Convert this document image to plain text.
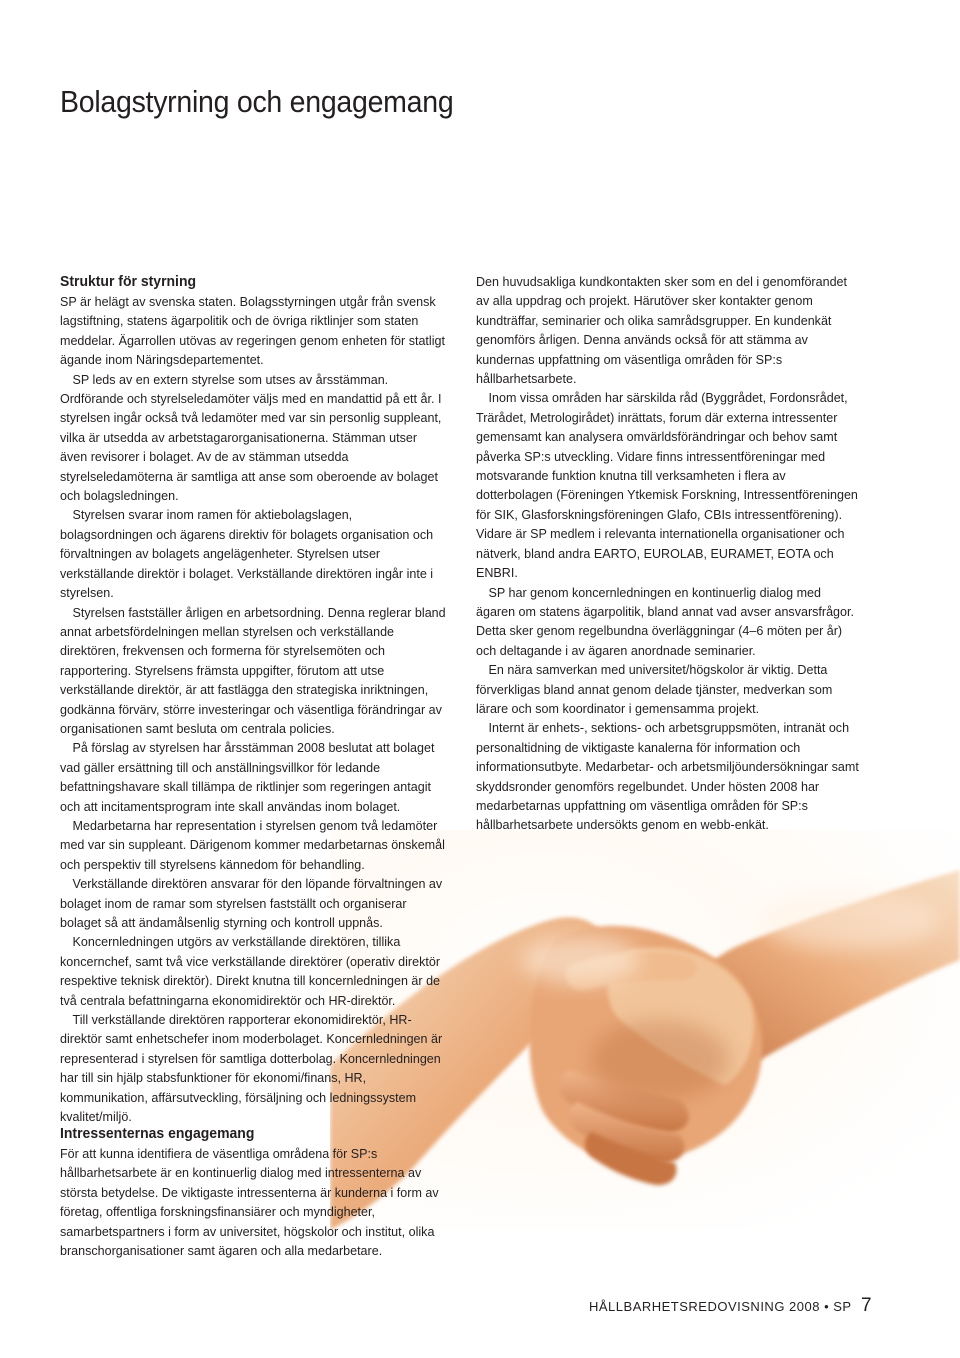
Bolagstyrning och engagemang
Struktur för styrning

SP är helägt av svenska staten. Bolagsstyrningen utgår från svensk lagstiftning, statens ägarpolitik och de övriga riktlinjer som staten meddelar. Ägarrollen utövas av regeringen genom enheten för statligt ägande inom Näringsdepartementet.

SP leds av en extern styrelse som utses av årsstämman. Ordförande och styrelseledamöter väljs med en mandattid på ett år. I styrelsen ingår också två ledamöter med var sin personlig suppleant, vilka är utsedda av arbetstagarorganisationerna. Stämman utser även revisorer i bolaget. Av de av stämman utsedda styrelseledamöterna är samtliga att anse som oberoende av bolaget och bolagsledningen.

Styrelsen svarar inom ramen för aktiebolagslagen, bolagsordningen och ägarens direktiv för bolagets organisation och förvaltningen av bolagets angelägenheter. Styrelsen utser verkställande direktör i bolaget. Verkställande direktören ingår inte i styrelsen.

Styrelsen fastställer årligen en arbetsordning. Denna reglerar bland annat arbetsfördelningen mellan styrelsen och verkställande direktören, frekvensen och formerna för styrelsemöten och rapportering. Styrelsens främsta uppgifter, förutom att utse verkställande direktör, är att fastlägga den strategiska inriktningen, godkänna förvärv, större investeringar och väsentliga förändringar av organisationen samt besluta om centrala policies.

På förslag av styrelsen har årsstämman 2008 beslutat att bolaget vad gäller ersättning till och anställningsvillkor för ledande befattningshavare skall tillämpa de riktlinjer som regeringen antagit och att incitamentsprogram inte skall användas inom bolaget.

Medarbetarna har representation i styrelsen genom två ledamöter med var sin suppleant. Därigenom kommer medarbetarnas önskemål och perspektiv till styrelsens kännedom för behandling.

Verkställande direktören ansvarar för den löpande förvaltningen av bolaget inom de ramar som styrelsen fastställt och organiserar bolaget så att ändamålsenlig styrning och kontroll uppnås.

Koncernledningen utgörs av verkställande direktören, tillika koncernchef, samt två vice verkställande direktörer (operativ direktör respektive teknisk direktör). Direkt knutna till koncernledningen är de två centrala befattningarna ekonomidirektör och HR-direktör.

Till verkställande direktören rapporterar ekonomidirektör, HR-direktör samt enhetschefer inom moderbolaget. Koncernledningen är representerad i styrelsen för samtliga dotterbolag. Koncernledningen har till sin hjälp stabsfunktioner för ekonomi/finans, HR, kommunikation, affärsutveckling, försäljning och ledningssystem kvalitet/miljö.

Den huvudsakliga kundkontakten sker som en del i genomförandet av alla uppdrag och projekt. Härutöver sker kontakter genom kundträffar, seminarier och olika samrådsgrupper. En kundenkät genomförs årligen. Denna används också för att stämma av kundernas uppfattning om väsentliga områden för SP:s hållbarhetsarbete.

Inom vissa områden har särskilda råd (Byggrådet, Fordonsrådet, Trärådet, Metrologirådet) inrättats, forum där externa intressenter gemensamt kan analysera omvärldsförändringar och behov samt påverka SP:s utveckling. Vidare finns intressentföreningar med motsvarande funktion knutna till verksamheten i flera av dotterbolagen (Föreningen Ytkemisk Forskning, Intressentföreningen för SIK, Glasforskningsföreningen Glafo, CBIs intressentförening). Vidare är SP medlem i relevanta internationella organisationer och nätverk, bland andra EARTO, EUROLAB, EURAMET, EOTA och ENBRI.

SP har genom koncernledningen en kontinuerlig dialog med ägaren om statens ägarpolitik, bland annat vad avser ansvarsfrågor. Detta sker genom regelbundna överläggningar (4–6 möten per år) och deltagande i av ägaren anordnade seminarier.

En nära samverkan med universitet/högskolor är viktig. Detta förverkligas bland annat genom delade tjänster, medverkan som lärare och som koordinator i gemensamma projekt.

Internt är enhets-, sektions- och arbetsgruppsmöten, intranät och personaltidning de viktigaste kanalerna för information och informationsutbyte. Medarbetar- och arbetsmiljöundersökningar samt skyddsronder genomförs regelbundet. Under hösten 2008 har medarbetarnas uppfattning om väsentliga områden för SP:s hållbarhetsarbete undersökts genom en webb-enkät.

Intressenternas engagemang

För att kunna identifiera de väsentliga områdena för SP:s hållbarhetsarbete är en kontinuerlig dialog med intressenterna av största betydelse. De viktigaste intressenterna är kunderna i form av företag, offentliga forskningsfinansiärer och myndigheter, samarbetspartners i form av universitet, högskolor och institut, olika branschorganisationer samt ägaren och alla medarbetare.

HÅLLBARHETSREDOVISNING 2008 • SP 7
